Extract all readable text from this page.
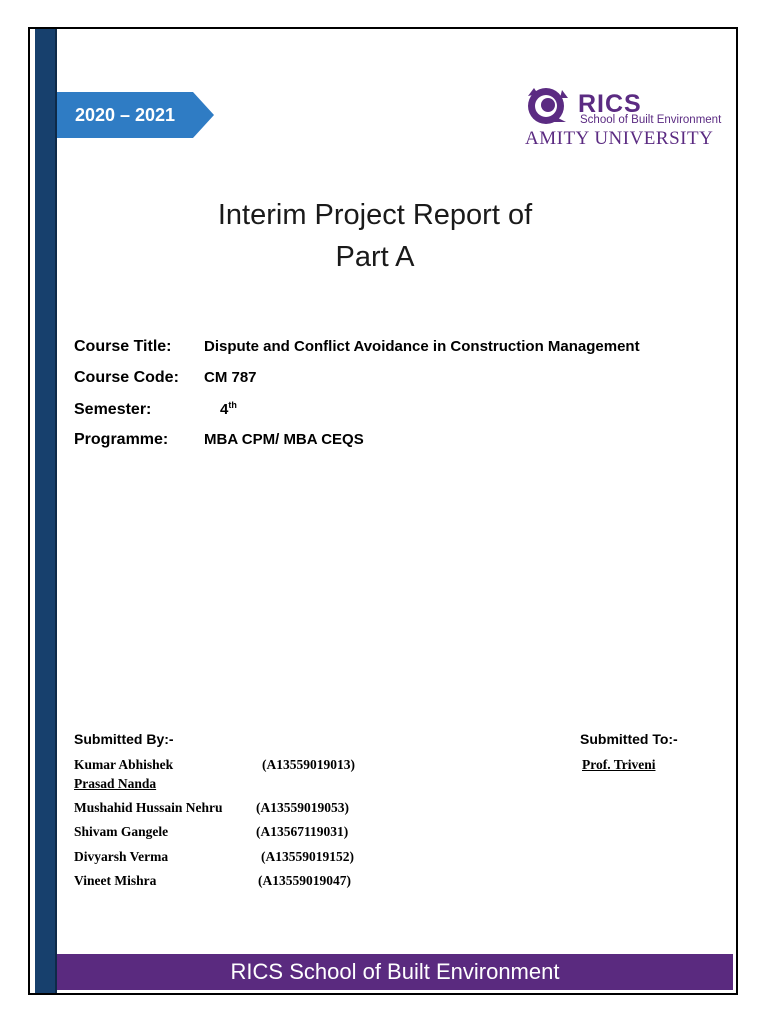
2020 – 2021	RICS
School of Built Environment
AMITY UNIVERSITY
Interim Project Report of
Part A
Course Title: Dispute and Conflict Avoidance in Construction Management
Course Code: CM 787
Semester:	4th
Programme: MBA CPM/ MBA CEQS
Submitted By:-	Submitted To:-
Kumar Abhishek	(A13559019013)	Prof. Triveni
Prasad Nanda
Mushahid Hussain Nehru (A13559019053)
Shivam Gangele	(A13567119031)
Divyarsh Verma	(A13559019152)
Vineet Mishra	(A13559019047)
RICS School of Built Environment
